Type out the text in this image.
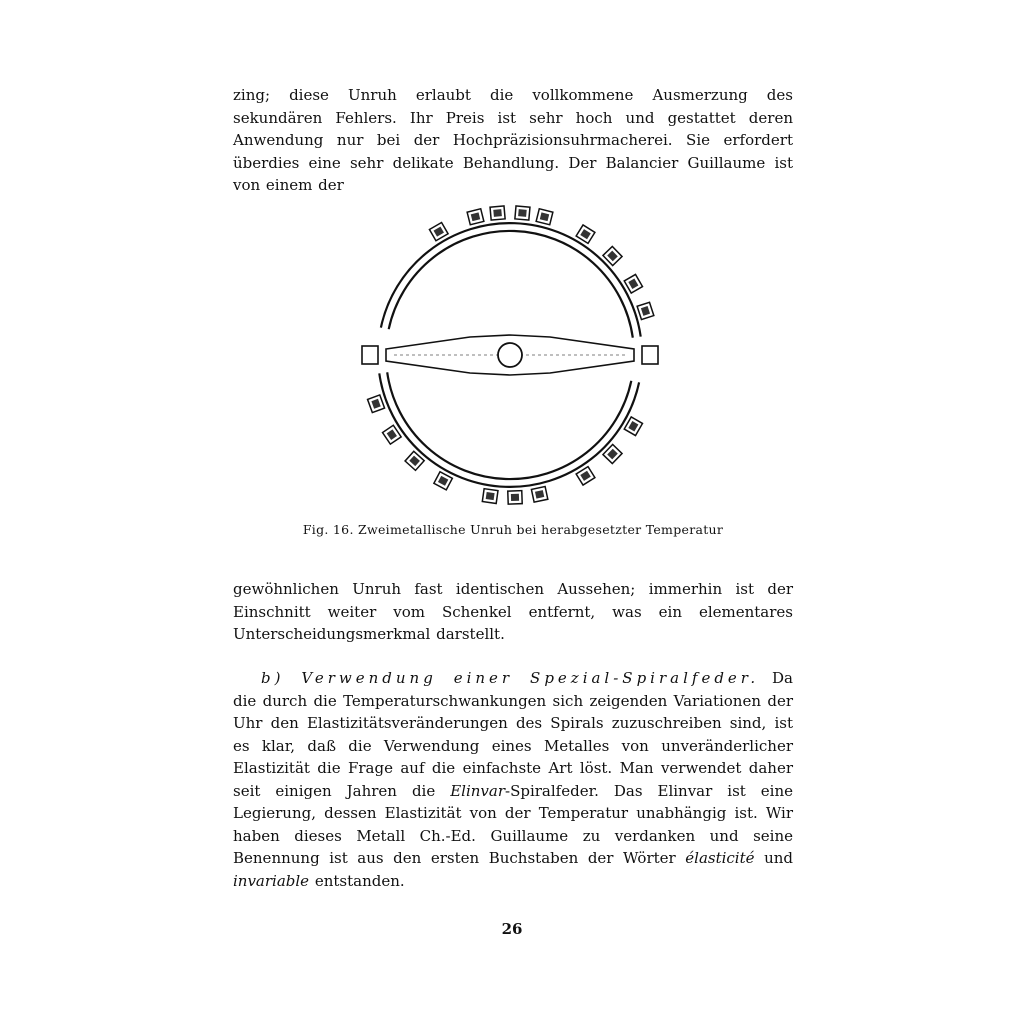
zing; diese Unruh erlaubt die vollkommene Ausmerzung des sekundären Fehlers. Ihr Preis ist sehr hoch und gestattet deren Anwendung nur bei der Hochpräzisionsuhrmacherei. Sie erfordert überdies eine sehr delikate Behandlung. Der Balancier Guillaume ist von einem der

Fig. 16. Zweimetallische Unruh bei herabgesetzter Temperatur

gewöhnlichen Unruh fast identischen Aussehen; immerhin ist der Einschnitt weiter vom Schenkel entfernt, was ein elementares Unterscheidungsmerkmal darstellt.

b) Verwendung einer Spezial-Spiralfeder. Da die durch die Temperaturschwankungen sich zeigenden Variationen der Uhr den Elastizitätsveränderungen des Spirals zuzuschreiben sind, ist es klar, daß die Verwendung eines Metalles von unveränderlicher Elastizität die Frage auf die einfachste Art löst. Man verwendet daher seit einigen Jahren die Elinvar-Spiralfeder. Das Elinvar ist eine Legierung, dessen Elastizität von der Temperatur unabhängig ist. Wir haben dieses Metall Ch.-Ed. Guillaume zu verdanken und seine Benennung ist aus den ersten Buchstaben der Wörter élasticité und invariable entstanden.

26
